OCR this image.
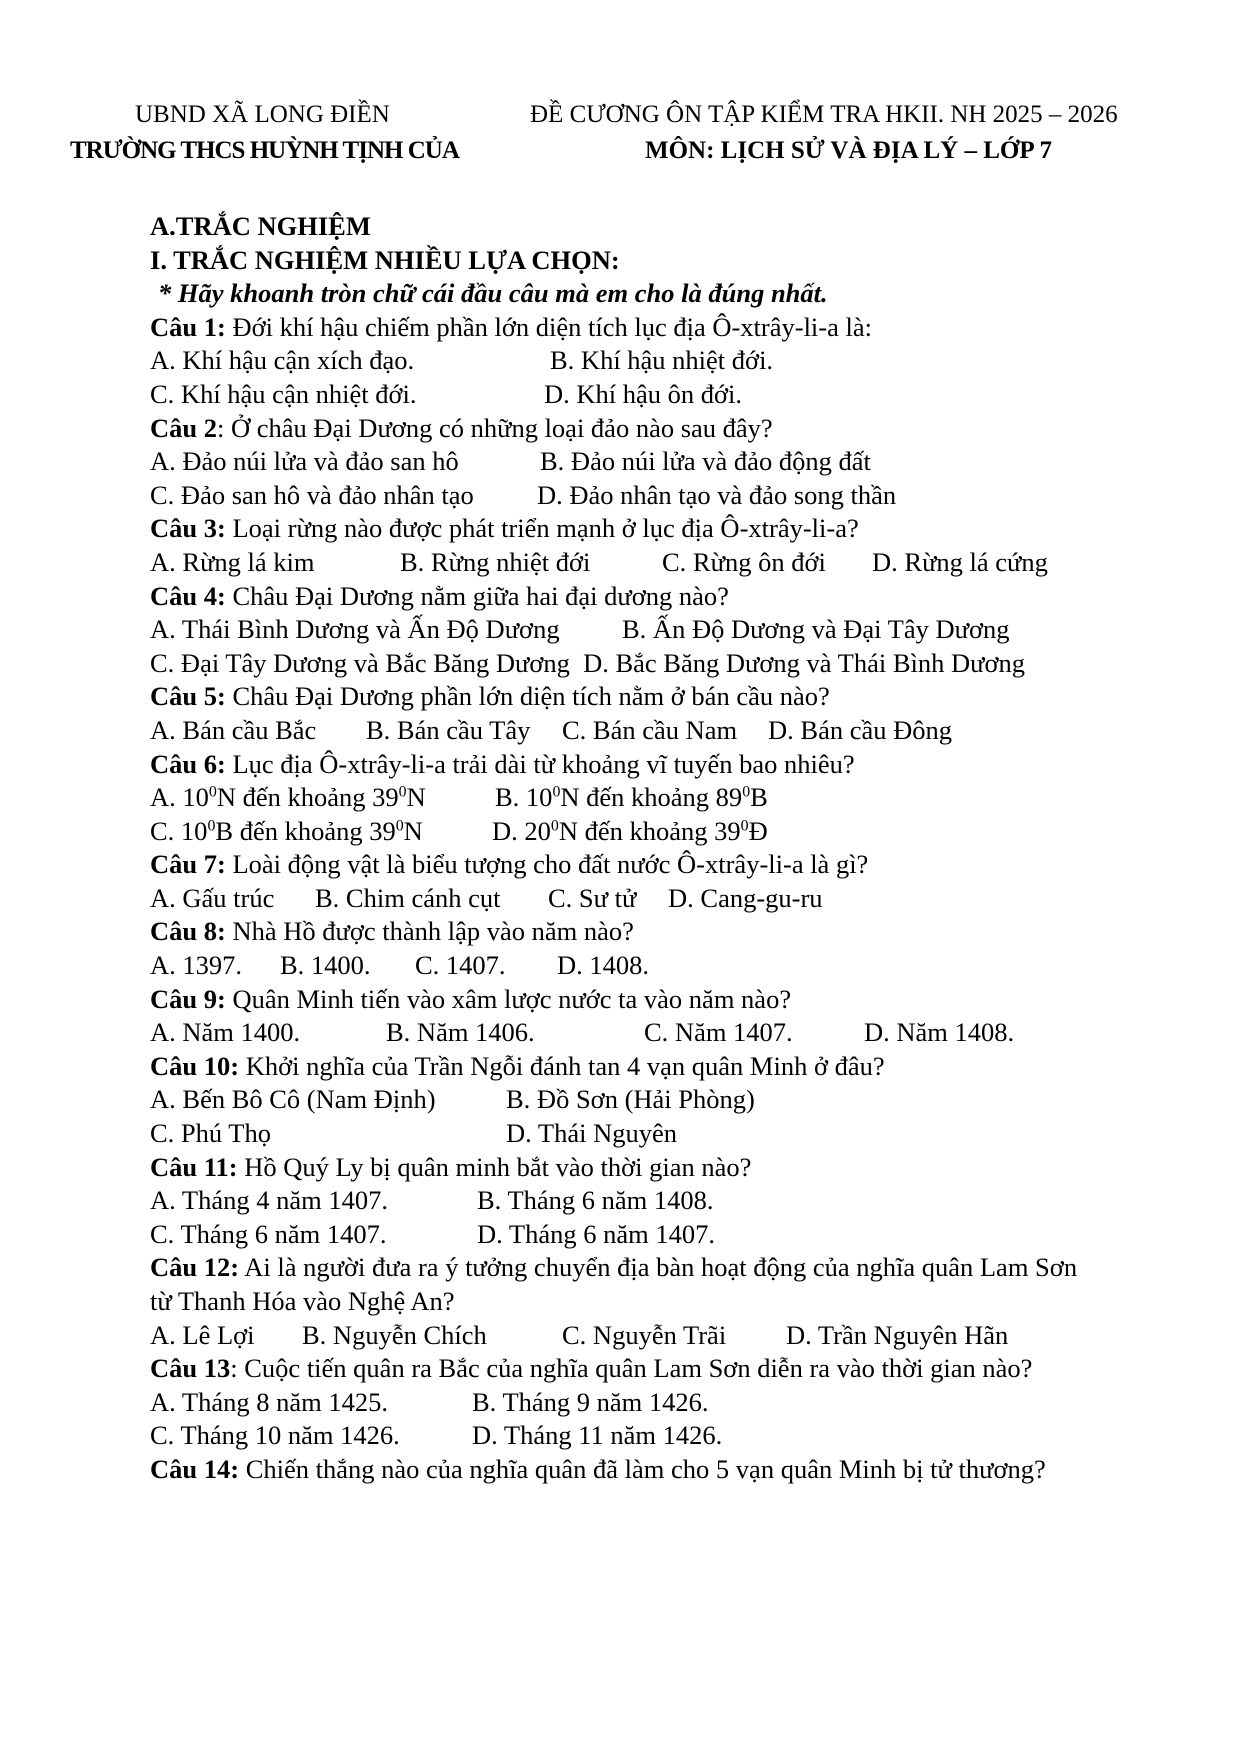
UBND XÃ LONG ĐIỀN
TRƯỜNG THCS HUỲNH TỊNH CỦA
ĐỀ CƯƠNG ÔN TẬP KIỂM TRA HKII. NH 2025 – 2026
MÔN: LỊCH SỬ VÀ ĐỊA LÝ – LỚP 7
A.TRẮC NGHIỆM
I. TRẮC NGHIỆM NHIỀU LỰA CHỌN:
* Hãy khoanh tròn chữ cái đầu câu mà em cho là đúng nhất.
Câu 1: Đới khí hậu chiếm phần lớn diện tích lục địa Ô-xtrây-li-a là:
A. Khí hậu cận xích đạo.	B. Khí hậu nhiệt đới.
C. Khí hậu cận nhiệt đới.	D. Khí hậu ôn đới.
Câu 2: Ở châu Đại Dương có những loại đảo nào sau đây?
A. Đảo núi lửa và đảo san hô	B. Đảo núi lửa và đảo động đất
C. Đảo san hô và đảo nhân tạo	D. Đảo nhân tạo và đảo song thần
Câu 3: Loại rừng nào được phát triển mạnh ở lục địa Ô-xtrây-li-a?
A. Rừng lá kim	B. Rừng nhiệt đới	C. Rừng ôn đới	D. Rừng lá cứng
Câu 4: Châu Đại Dương nằm giữa hai đại dương nào?
A. Thái Bình Dương và Ấn Độ Dương	B. Ấn Độ Dương và Đại Tây Dương
C. Đại Tây Dương và Bắc Băng Dương D. Bắc Băng Dương và Thái Bình Dương
Câu 5: Châu Đại Dương phần lớn diện tích nằm ở bán cầu nào?
A. Bán cầu Bắc	B. Bán cầu Tây	C. Bán cầu Nam	D. Bán cầu Đông
Câu 6: Lục địa Ô-xtrây-li-a trải dài từ khoảng vĩ tuyến bao nhiêu?
A. $10^0N$ đến khoảng $39^0N$	B. $10^0N$ đến khoảng $89^0B$
C. $10^0B$ đến khoảng $39^0N$	D. $20^0N$ đến khoảng $39^0Đ$
Câu 7: Loài động vật là biểu tượng cho đất nước Ô-xtrây-li-a là gì?
A. Gấu trúc	B. Chim cánh cụt	C. Sư tử	D. Cang-gu-ru
Câu 8: Nhà Hồ được thành lập vào năm nào?
A. 1397.	B. 1400.	C. 1407.	D. 1408.
Câu 9: Quân Minh tiến vào xâm lược nước ta vào năm nào?
A. Năm 1400.	B. Năm 1406.	C. Năm 1407.	D. Năm 1408.
Câu 10: Khởi nghĩa của Trần Ngỗi đánh tan 4 vạn quân Minh ở đâu?
A. Bến Bô Cô (Nam Định)	B. Đồ Sơn (Hải Phòng)
C. Phú Thọ	D. Thái Nguyên
Câu 11: Hồ Quý Ly bị quân minh bắt vào thời gian nào?
A. Tháng 4 năm 1407.	B. Tháng 6 năm 1408.
C. Tháng 6 năm 1407.	D. Tháng 6 năm 1407.
Câu 12: Ai là người đưa ra ý tưởng chuyển địa bàn hoạt động của nghĩa quân Lam Sơn từ Thanh Hóa vào Nghệ An?
A. Lê Lợi	B. Nguyễn Chích	C. Nguyễn Trãi	D. Trần Nguyên Hãn
Câu 13: Cuộc tiến quân ra Bắc của nghĩa quân Lam Sơn diễn ra vào thời gian nào?
A. Tháng 8 năm 1425.	B. Tháng 9 năm 1426.
C. Tháng 10 năm 1426.	D. Tháng 11 năm 1426.
Câu 14: Chiến thắng nào của nghĩa quân đã làm cho 5 vạn quân Minh bị tử thương?
